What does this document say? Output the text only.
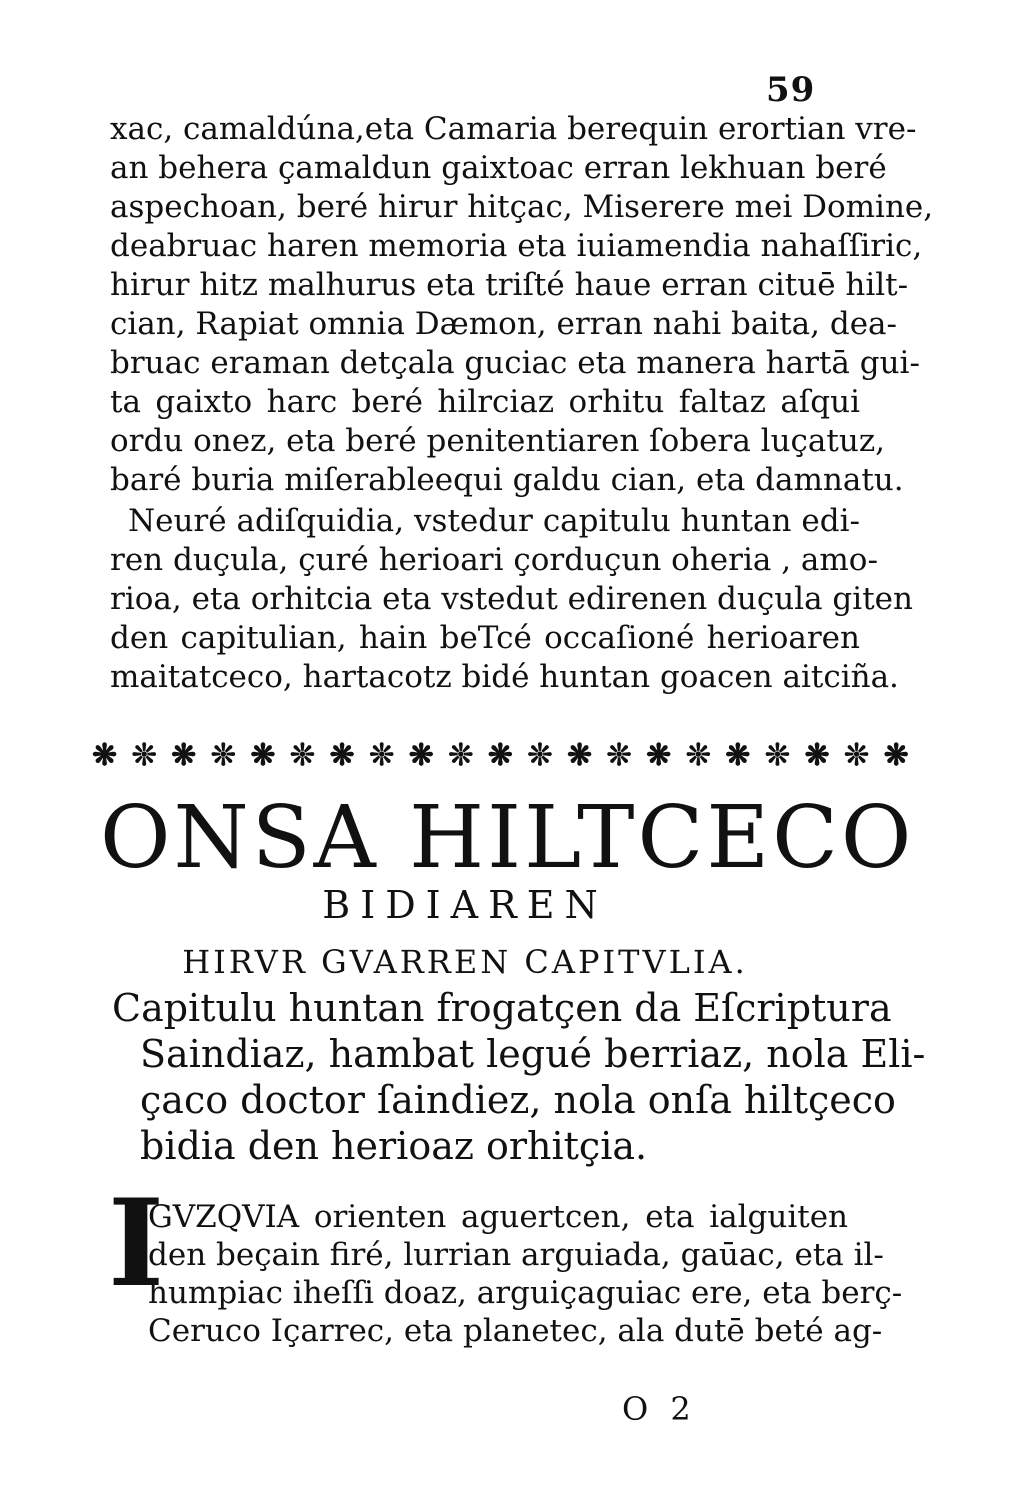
59
xac, camaldúna,eta Camaria berequin erortian vre-
an behera çamaldun gaixtoac erran lekhuan beré
aspechoan, beré hirur hitçac, Miserere mei Domine,
deabruac haren memoria eta iuiamendia nahaſſiric,
hirur hitz malhurus eta triſté haue erran cituē hilt-
cian, Rapiat omnia Dæmon, erran nahi baita, dea-
bruac eraman detçala guciac eta manera hartā gui-
ta gaixto harc beré hilrciaz orhitu faltaz aſqui
ordu onez, eta beré penitentiaren ſobera luçatuz,
baré buria miſerableequi galdu cian, eta damnatu.
Neuré adiſquidia, vstedur capitulu huntan edi-
ren duçula, çuré herioari çorduçun oheria , amo-
rioa, eta orhitcia eta vstedut edirenen duçula giten
den capitulian, hain beTcé occaſioné herioaren
maitatceco, hartacotz bidé huntan goacen aitciña.
❋ ❊ ❋ ❊ ❋ ❊ ❋ ❊ ❋ ❊ ❋ ❊ ❋ ❊ ❋ ❊ ❋ ❊ ❋ ❊ ❋
ONSA HILTCECO
BIDIAREN
HIRVR GVARREN CAPITVLIA.
Capitulu huntan frogatçen da Eſcriptura
Saindiaz, hambat legué berriaz, nola Eli-
çaco doctor ſaindiez, nola onſa hiltçeco
bidia den herioaz orhitçia.
I
GVZQVIA orienten aguertcen, eta ialguiten
den beçain firé, lurrian arguiada, gaūac, eta il-
humpiac iheſſi doaz, arguiçaguiac ere, eta berç-
Ceruco Içarrec, eta planetec, ala dutē beté ag-
O 2
